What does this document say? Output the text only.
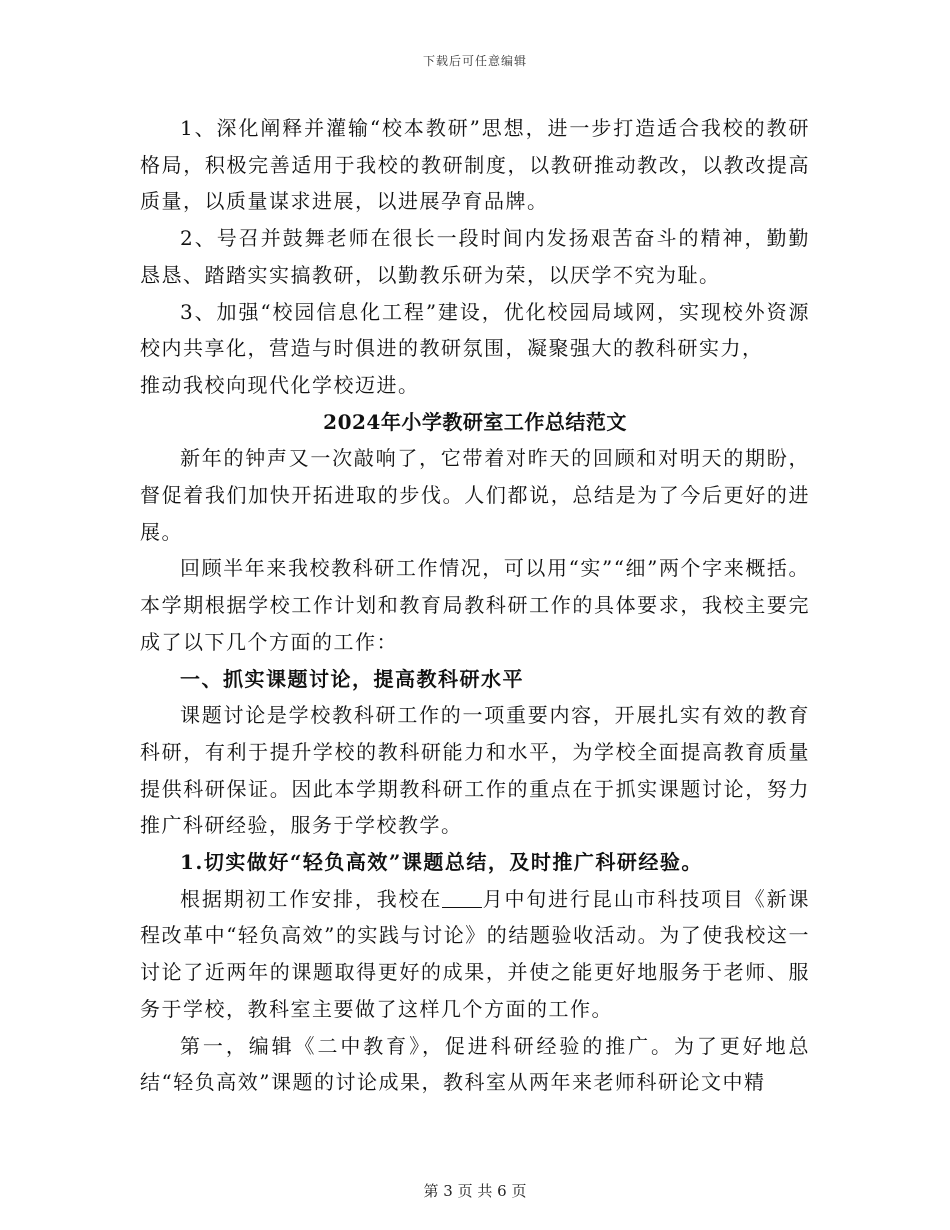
下载后可任意编辑

1、深化阐释并灌输“校本教研”思想，进一步打造适合我校的教研格局，积极完善适用于我校的教研制度，以教研推动教改，以教改提高质量，以质量谋求进展，以进展孕育品牌。

2、号召并鼓舞老师在很长一段时间内发扬艰苦奋斗的精神，勤勤恳恳、踏踏实实搞教研，以勤教乐研为荣，以厌学不究为耻。

3、加强“校园信息化工程”建设，优化校园局域网，实现校外资源校内共享化，营造与时俱进的教研氛围，凝聚强大的教科研实力，

推动我校向现代化学校迈进。

2024年小学教研室工作总结范文

新年的钟声又一次敲响了，它带着对昨天的回顾和对明天的期盼，督促着我们加快开拓进取的步伐。人们都说，总结是为了今后更好的进展。

回顾半年来我校教科研工作情况，可以用“实”“细”两个字来概括。本学期根据学校工作计划和教育局教科研工作的具体要求，我校主要完成了以下几个方面的工作：

一、抓实课题讨论，提高教科研水平

课题讨论是学校教科研工作的一项重要内容，开展扎实有效的教育科研，有利于提升学校的教科研能力和水平，为学校全面提高教育质量提供科研保证。因此本学期教科研工作的重点在于抓实课题讨论，努力推广科研经验，服务于学校教学。

1.切实做好“轻负高效”课题总结，及时推广科研经验。

根据期初工作安排，我校在 月中旬进行昆山市科技项目《新课程改革中“轻负高效”的实践与讨论》的结题验收活动。为了使我校这一讨论了近两年的课题取得更好的成果，并使之能更好地服务于老师、服务于学校，教科室主要做了这样几个方面的工作。

第一，编辑《二中教育》，促进科研经验的推广。为了更好地总结“轻负高效”课题的讨论成果，教科室从两年来老师科研论文中精

第 3 页 共 6 页
